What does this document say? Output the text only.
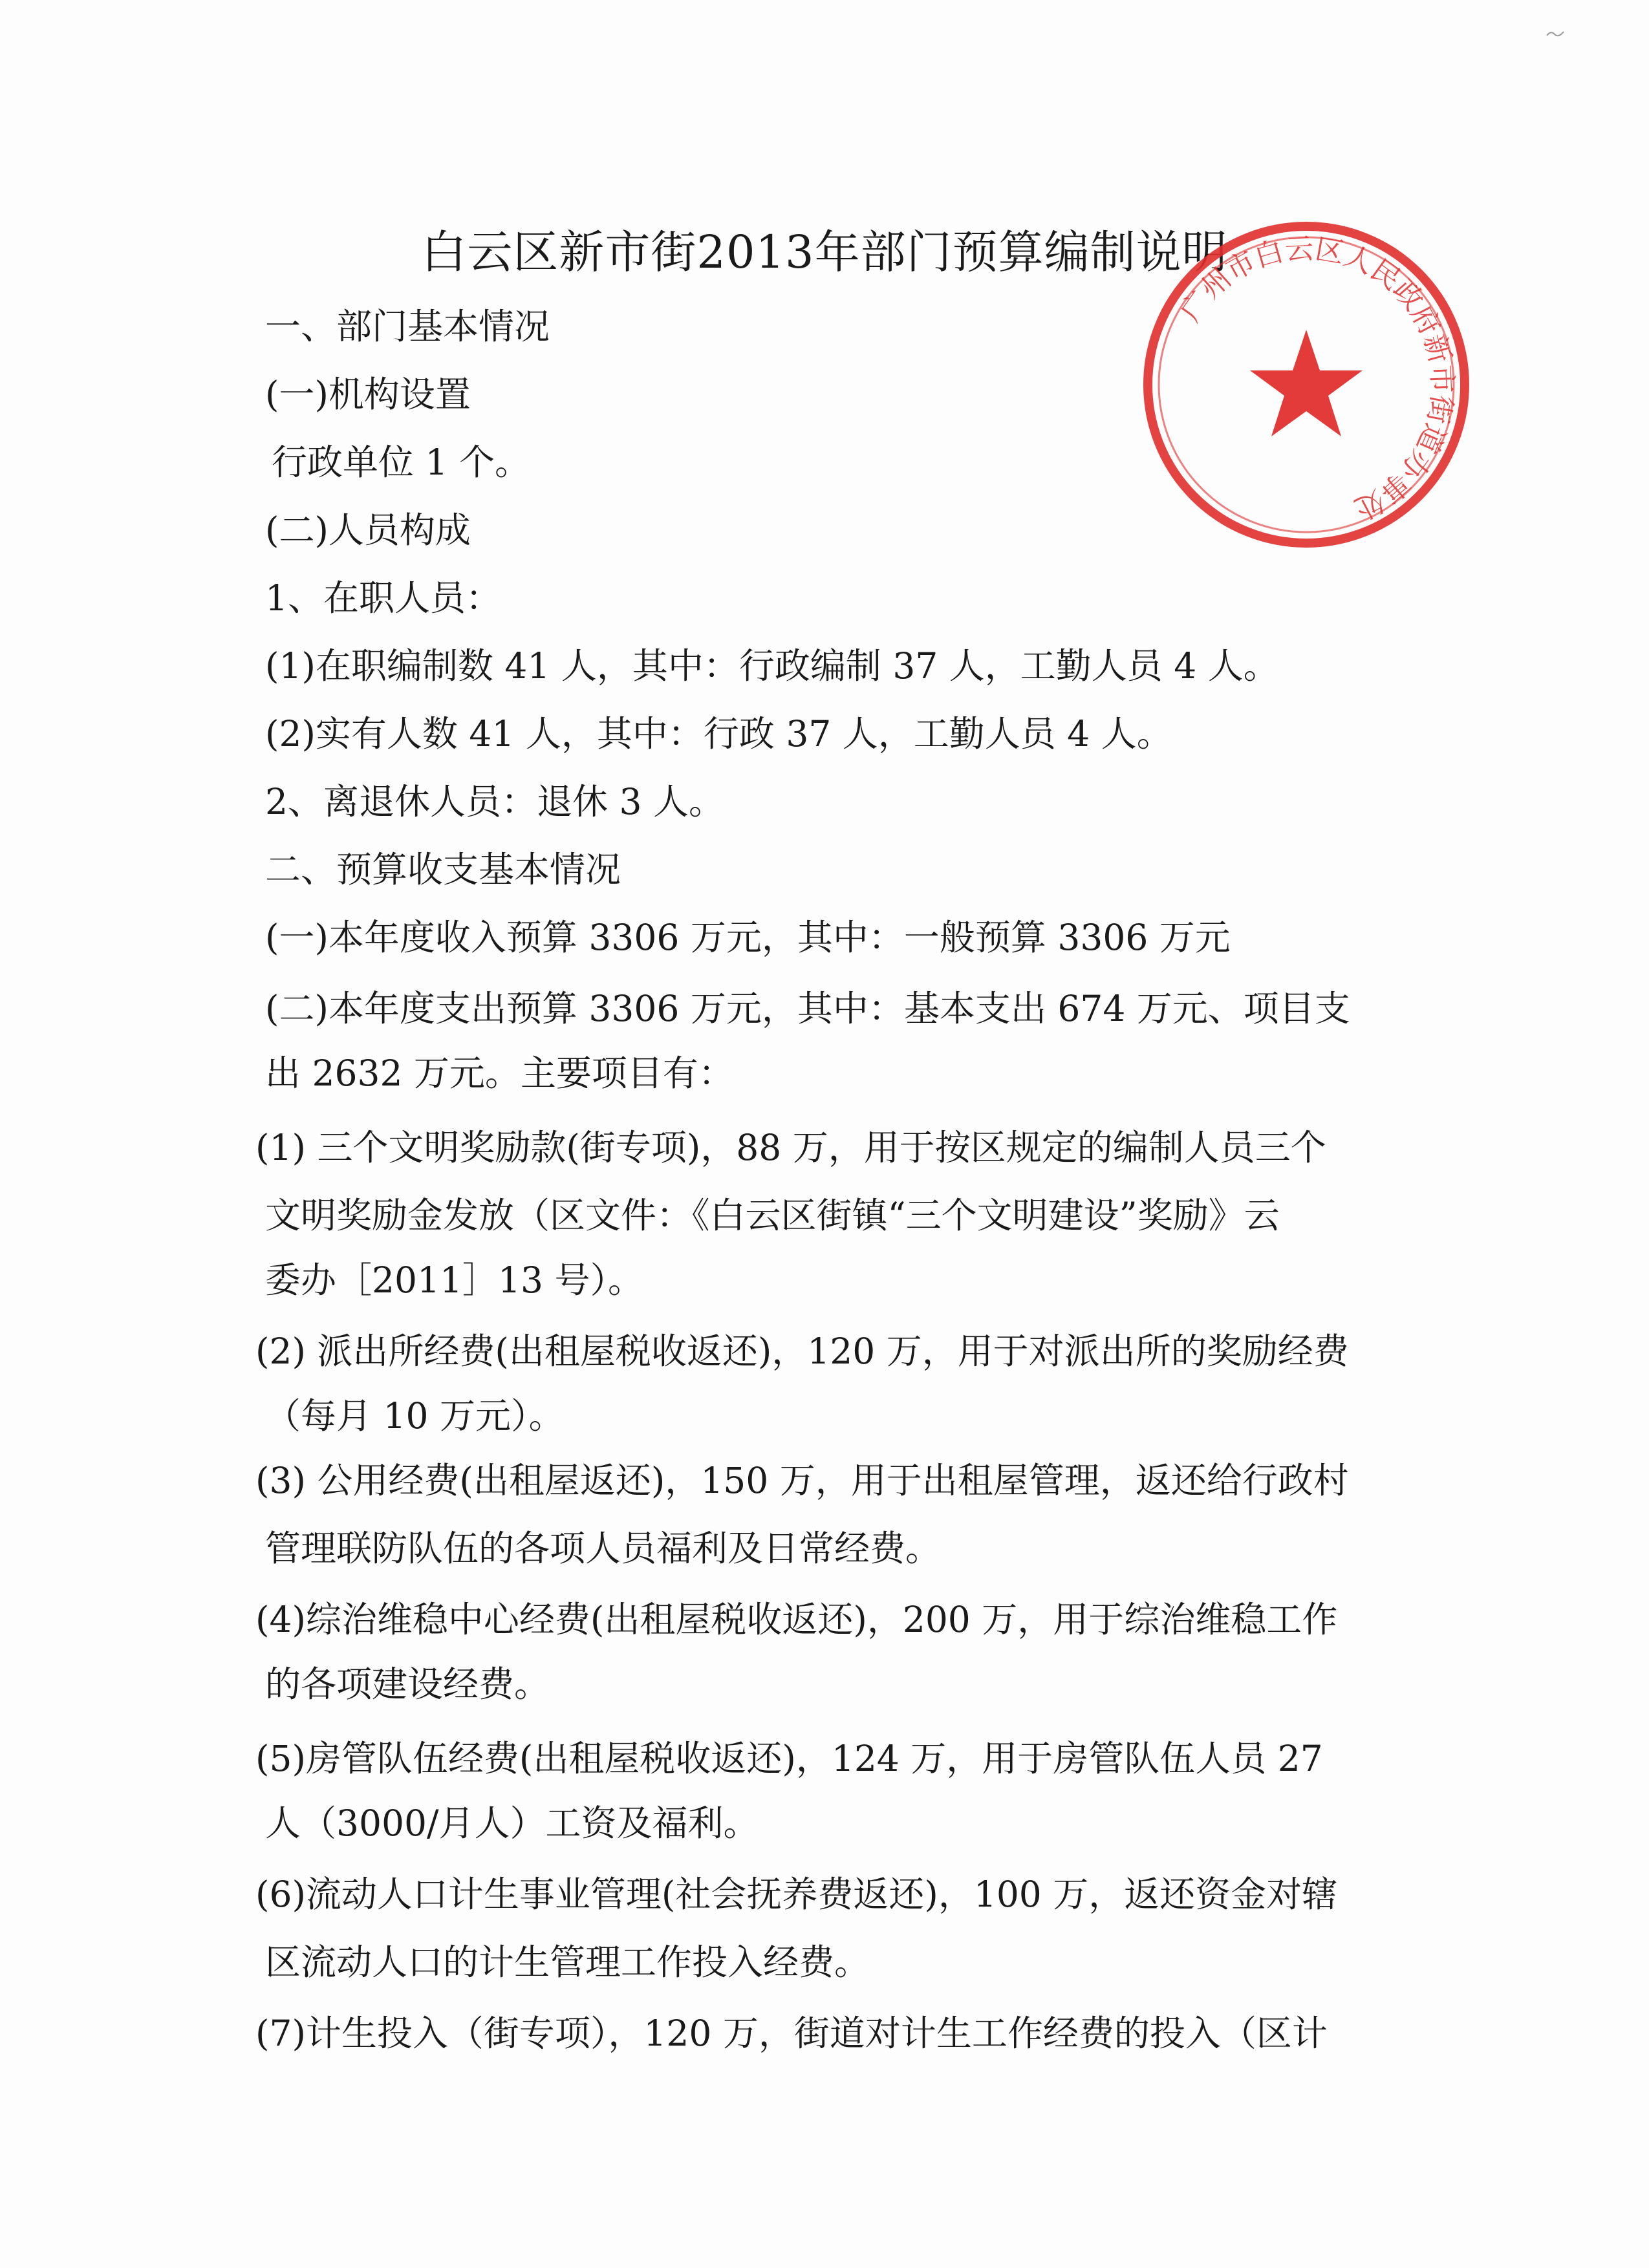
白云区新市街2013年部门预算编制说明
广州市白云区人民政府新市街道办事处
一、部门基本情况
(一)机构设置
行政单位 1 个。
(二)人员构成
1、在职人员：
(1)在职编制数 41 人，其中：行政编制 37 人，工勤人员 4 人。
(2)实有人数 41 人，其中：行政 37 人，工勤人员 4 人。
2、离退休人员：退休 3 人。
二、预算收支基本情况
(一)本年度收入预算 3306 万元，其中：一般预算 3306 万元
(二)本年度支出预算 3306 万元，其中：基本支出 674 万元、项目支
出 2632 万元。主要项目有：
(1) 三个文明奖励款(街专项)，88 万，用于按区规定的编制人员三个
文明奖励金发放（区文件：《白云区街镇“三个文明建设”奖励》云
委办［2011］13 号）。
(2) 派出所经费(出租屋税收返还)，120 万，用于对派出所的奖励经费
（每月 10 万元）。
(3) 公用经费(出租屋返还)，150 万，用于出租屋管理，返还给行政村
管理联防队伍的各项人员福利及日常经费。
(4)综治维稳中心经费(出租屋税收返还)，200 万，用于综治维稳工作
的各项建设经费。
(5)房管队伍经费(出租屋税收返还)，124 万，用于房管队伍人员 27
人（3000/月人）工资及福利。
(6)流动人口计生事业管理(社会抚养费返还)，100 万，返还资金对辖
区流动人口的计生管理工作投入经费。
(7)计生投入（街专项），120 万，街道对计生工作经费的投入（区计
